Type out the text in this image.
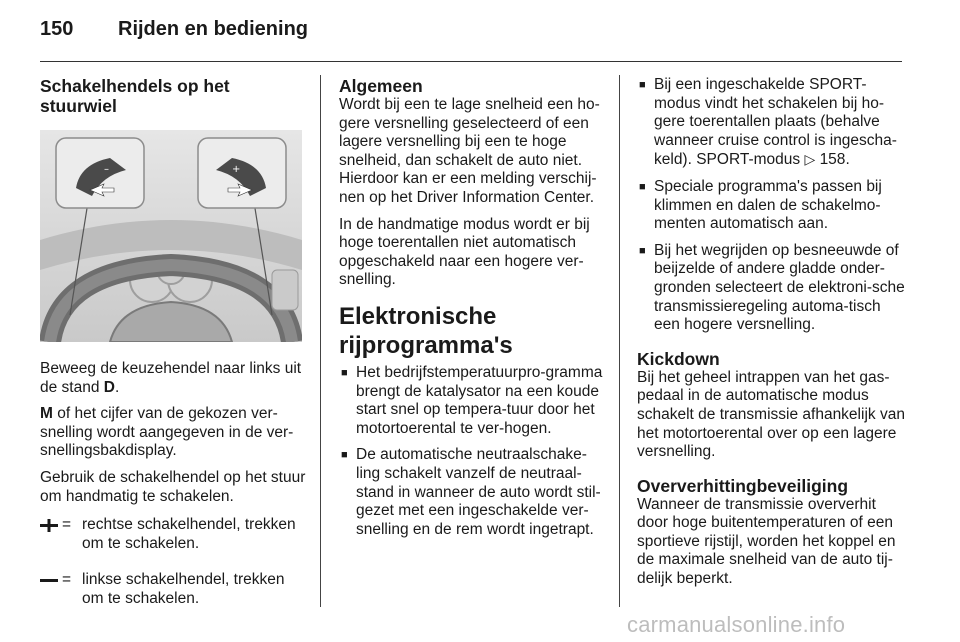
150 Rijden en bediening
Schakelhendels op het stuurwiel
–	+

Beweeg de keuzehendel naar links uit de stand D.

M of het cijfer van de gekozen ver-snelling wordt aangegeven in de ver-snellingsbakdisplay.

Gebruik de schakelhendel op het stuur om handmatig te schakelen.

= rechtse schakelhendel, trekken om te schakelen.
= linkse schakelhendel, trekken om te schakelen.
Algemeen

Wordt bij een te lage snelheid een ho-gere versnelling geselecteerd of een lagere versnelling bij een te hoge snelheid, dan schakelt de auto niet. Hierdoor kan er een melding verschij-nen op het Driver Information Center.

In de handmatige modus wordt er bij hoge toerentallen niet automatisch opgeschakeld naar een hogere ver-snelling.

Elektronische rijprogramma's
■ Het bedrijfstemperatuurpro-gramma brengt de katalysator na een koude start snel op tempera-tuur door het motortoerental te ver-hogen.
■ De automatische neutraalschake-ling schakelt vanzelf de neutraal-stand in wanneer de auto wordt stil-gezet met een ingeschakelde ver-snelling en de rem wordt ingetrapt.
■ Bij een ingeschakelde SPORT-modus vindt het schakelen bij ho-gere toerentallen plaats (behalve wanneer cruise control is ingescha-keld). SPORT-modus ▷ 158.
■ Speciale programma's passen bij klimmen en dalen de schakelmo-menten automatisch aan.
■ Bij het wegrijden op besneeuwde of beijzelde of andere gladde onder-gronden selecteert de elektroni-sche transmissieregeling automa-tisch een hogere versnelling.
Kickdown

Bij het geheel intrappen van het gas-pedaal in de automatische modus schakelt de transmissie afhankelijk van het motortoerental over op een lagere versnelling.

Oververhittingbeveiliging

Wanneer de transmissie oververhit door hoge buitentemperaturen of een sportieve rijstijl, worden het koppel en de maximale snelheid van de auto tij-delijk beperkt.

carmanualsonline.info
